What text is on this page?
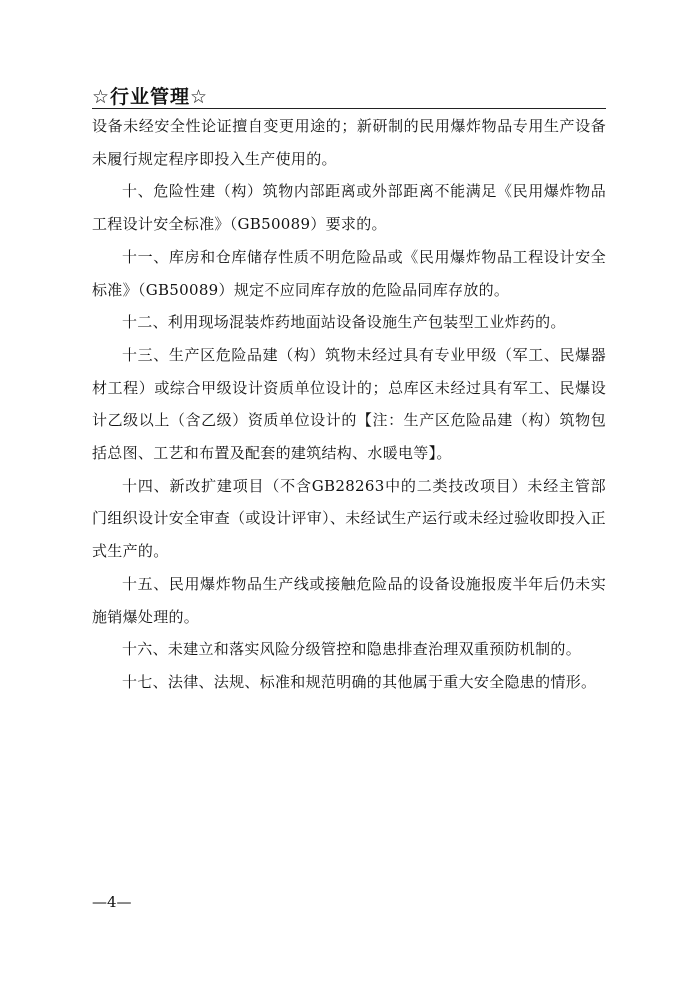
☆行业管理☆

设备未经安全性论证擅自变更用途的；新研制的民用爆炸物品专用生产设备未履行规定程序即投入生产使用的。

十、危险性建（构）筑物内部距离或外部距离不能满足《民用爆炸物品工程设计安全标准》（GB50089）要求的。

十一、库房和仓库储存性质不明危险品或《民用爆炸物品工程设计安全标准》（GB50089）规定不应同库存放的危险品同库存放的。

十二、利用现场混装炸药地面站设备设施生产包装型工业炸药的。

十三、生产区危险品建（构）筑物未经过具有专业甲级（军工、民爆器材工程）或综合甲级设计资质单位设计的；总库区未经过具有军工、民爆设计乙级以上（含乙级）资质单位设计的【注：生产区危险品建（构）筑物包括总图、工艺和布置及配套的建筑结构、水暖电等】。

十四、新改扩建项目（不含GB28263中的二类技改项目）未经主管部门组织设计安全审查（或设计评审）、未经试生产运行或未经过验收即投入正式生产的。

十五、民用爆炸物品生产线或接触危险品的设备设施报废半年后仍未实施销爆处理的。

十六、未建立和落实风险分级管控和隐患排查治理双重预防机制的。

十七、法律、法规、标准和规范明确的其他属于重大安全隐患的情形。

—4—
